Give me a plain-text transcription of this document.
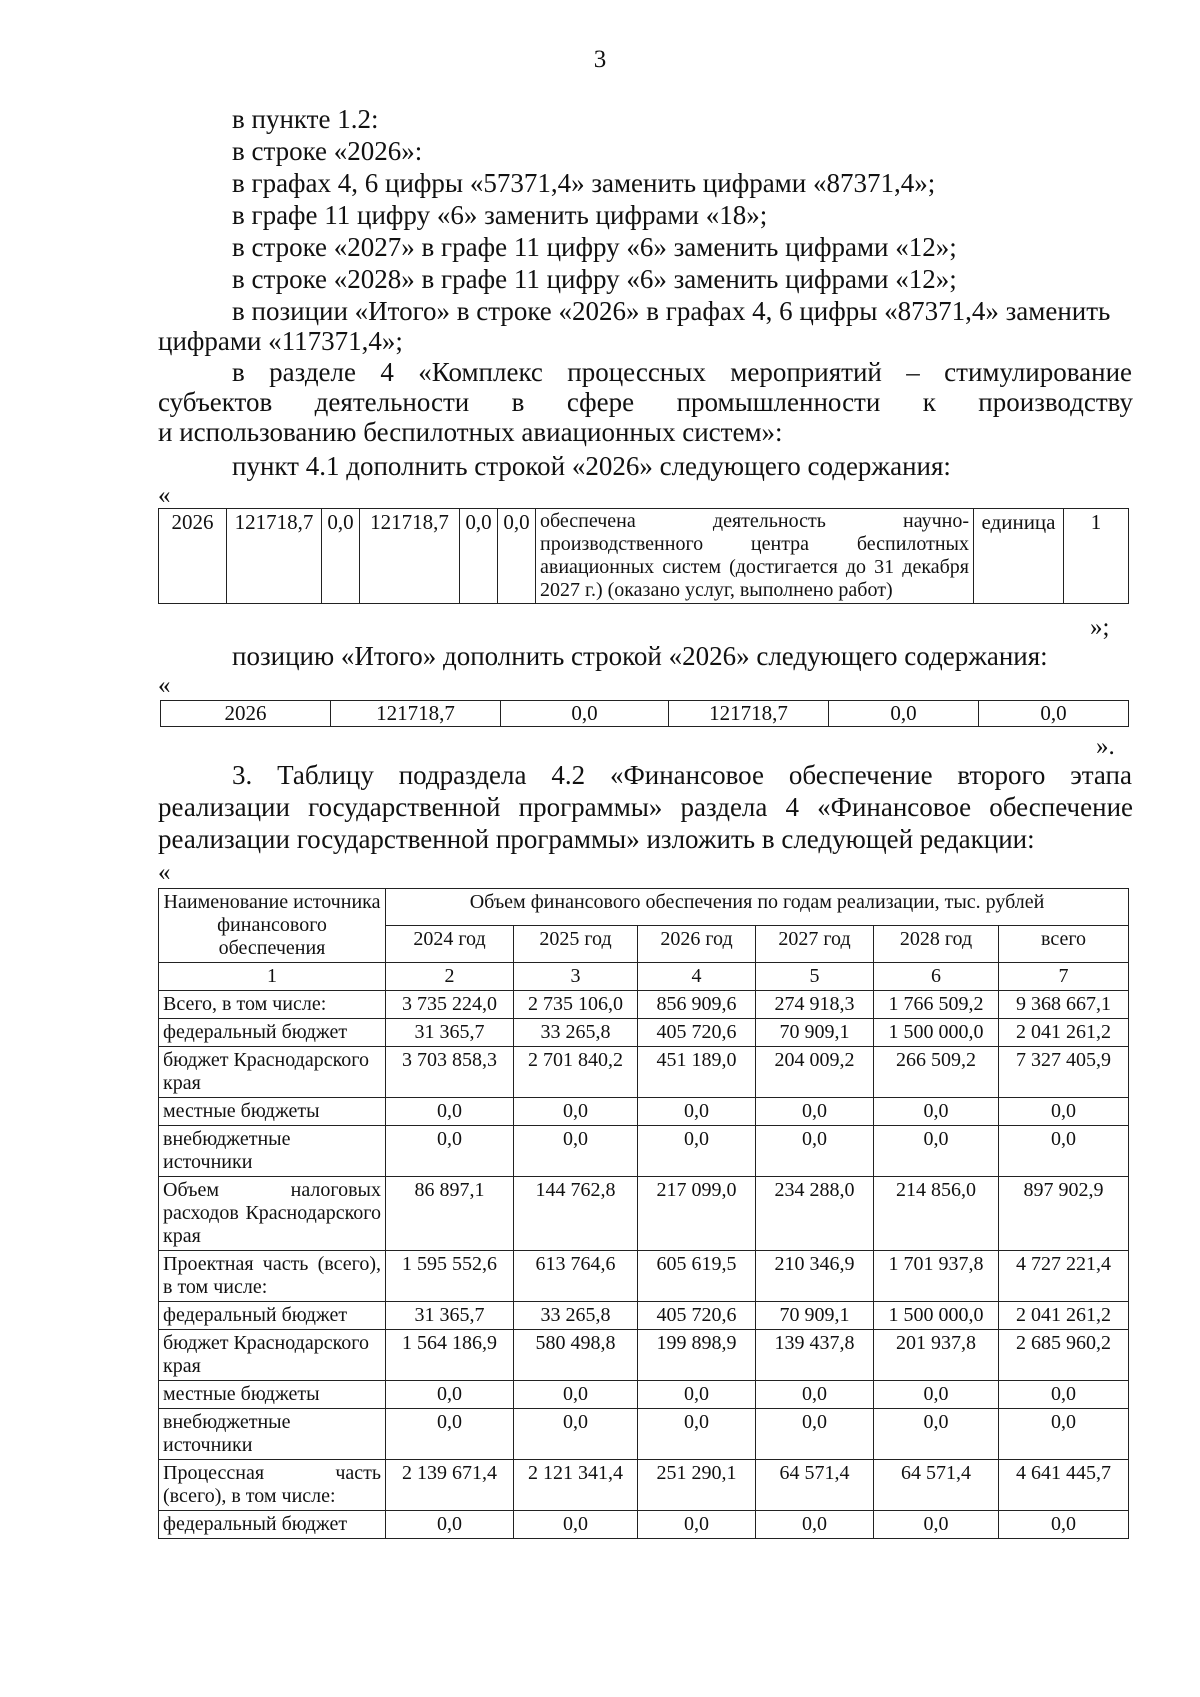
3
в пункте 1.2:
в строке «2026»:
в графах 4, 6 цифры «57371,4» заменить цифрами «87371,4»;
в графе 11 цифру «6» заменить цифрами «18»;
в строке «2027» в графе 11 цифру «6» заменить цифрами «12»;
в строке «2028» в графе 11 цифру «6» заменить цифрами «12»;
в позиции «Итого» в строке «2026» в графах 4, 6 цифры «87371,4» заменить
цифрами «117371,4»;
в разделе 4 «Комплекс процессных мероприятий – стимулирование
субъектов деятельности в сфере промышленности к производству
и использованию беспилотных авиационных систем»:
пункт 4.1 дополнить строкой «2026» следующего содержания:
«
2026	121718,7	0,0	121718,7	0,0	0,0	обеспечена деятельность научно-производственного центра беспилотных авиационных систем (достигается до 31 декабря 2027 г.) (оказано услуг, выполнено работ)	единица	1
»;
позицию «Итого» дополнить строкой «2026» следующего содержания:
«
2026	121718,7	0,0	121718,7	0,0	0,0
».
3. Таблицу подраздела 4.2 «Финансовое обеспечение второго этапа
реализации государственной программы» раздела 4 «Финансовое обеспечение
реализации государственной программы» изложить в следующей редакции:
«
Наименование источника финансового обеспечения	Объем финансового обеспечения по годам реализации, тыс. рублей					
	2024 год	2025 год	2026 год	2027 год	2028 год	всего
1	2	3	4	5	6	7
Всего, в том числе:	3 735 224,0	2 735 106,0	856 909,6	274 918,3	1 766 509,2	9 368 667,1
федеральный бюджет	31 365,7	33 265,8	405 720,6	70 909,1	1 500 000,0	2 041 261,2
бюджет Краснодарского края	3 703 858,3	2 701 840,2	451 189,0	204 009,2	266 509,2	7 327 405,9
местные бюджеты	0,0	0,0	0,0	0,0	0,0	0,0
внебюджетные источники	0,0	0,0	0,0	0,0	0,0	0,0
Объем налоговых расходов Краснодарского края	86 897,1	144 762,8	217 099,0	234 288,0	214 856,0	897 902,9
Проектная часть (всего), в том числе:	1 595 552,6	613 764,6	605 619,5	210 346,9	1 701 937,8	4 727 221,4
федеральный бюджет	31 365,7	33 265,8	405 720,6	70 909,1	1 500 000,0	2 041 261,2
бюджет Краснодарского края	1 564 186,9	580 498,8	199 898,9	139 437,8	201 937,8	2 685 960,2
местные бюджеты	0,0	0,0	0,0	0,0	0,0	0,0
внебюджетные источники	0,0	0,0	0,0	0,0	0,0	0,0
Процессная часть (всего), в том числе:	2 139 671,4	2 121 341,4	251 290,1	64 571,4	64 571,4	4 641 445,7
федеральный бюджет	0,0	0,0	0,0	0,0	0,0	0,0
